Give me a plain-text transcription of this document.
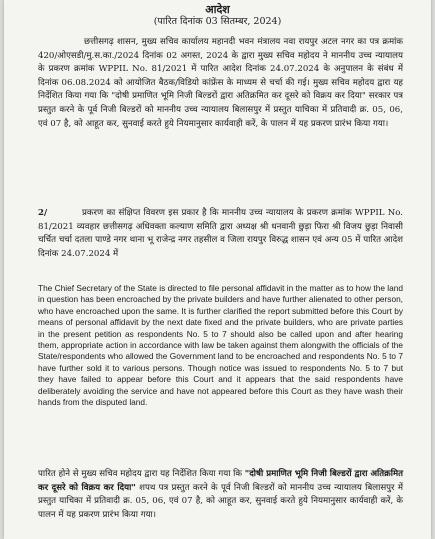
आदेश
(पारित दिनांक 03 सितम्बर, 2024)

छत्तीसगढ़ शासन, मुख्य सचिव कार्यालय महानदी भवन मंत्रालय नवा रायपुर अटल नगर का पत्र क्रमांक 420/ओएसडी/मु.स.का./2024 दिनांक 02 अगस्त, 2024 के द्वारा मुख्य सचिव महोदय ने माननीय उच्च न्यायालय के प्रकरण क्रमांक WPPIL No. 81/2021 में पारित आदेश दिनांक 24.07.2024 के अनुपालन के संबंध में दिनांक 06.08.2024 को आयोजित बैठक/विडियो कांफ्रेंस के माध्यम से चर्चा की गई। मुख्य सचिव महोदय द्वारा यह निर्देशित किया गया कि "दोषी प्रमाणित भूमि निजी बिल्डरों द्वारा अतिक्रमित कर दूसरे को विक्रय कर दिया" सरकार पत्र प्रस्तुत करने के पूर्व निजी बिल्डरों को माननीय उच्च न्यायालय बिलासपुर में प्रस्तुत याचिका में प्रतिवादी क्र. 05, 06, एवं 07 है, को आहूत कर, सुनवाई करते हुये नियमानुसार कार्यवाही करें, के पालन में यह प्रकरण प्रारंभ किया गया।

2/	प्रकरण का संक्षिप्त विवरण इस प्रकार है कि माननीय उच्च न्यायालय के प्रकरण क्रमांक WPPIL No. 81/2021 व्यवहार छत्तीसगढ़ अधिवक्ता कल्याण समिति द्वारा अध्यक्ष श्री धनवानी छुड़ा फिरा श्री विजय छुड़ा निवासी चर्चित चर्चा दतला पाण्डे नगर थाना भू राजेन्द्र नगर तहसील व जिला रायपुर विरुद्ध शासन एवं अन्य 05 में पारित आदेश दिनांक 24.07.2024 में

The Chief Secretary of the State is directed to file personal affidavit in the matter as to how the land in question has been encroached by the private builders and have further alienated to other person, who have encroached upon the same. It is further clarified the report submitted before this Court by means of personal affidavit by the next date fixed and the private builders, who are private parties in the present petition as respondents No. 5 to 7 should also be called upon and after hearing them, appropriate action in accordance with law be taken against them alongwith the officials of the State/respondents who allowed the Government land to be encroached and respondents No. 5 to 7 have further sold it to various persons. Though notice was issued to respondents No. 5 to 7 but they have failed to appear before this Court and it appears that the said respondents have deliberately avoiding the service and have not appeared before this Court as they have wash their hands from the disputed land.

पारित होने से मुख्य सचिव महोदय द्वारा यह निर्देशित किया गया कि "दोषी प्रमाणित भूमि निजी बिल्डरों द्वारा अतिक्रमित कर दूसरे को विक्रय कर दिया" शपथ पत्र प्रस्तुत करने के पूर्व निजी बिल्डरों को माननीय उच्च न्यायालय बिलासपुर में प्रस्तुत याचिका में प्रतिवादी क्र. 05, 06, एवं 07 है, को आहूत कर, सुनवाई करते हुये नियमानुसार कार्यवाही करें, के पालन में यह प्रकरण प्रारंभ किया गया।
